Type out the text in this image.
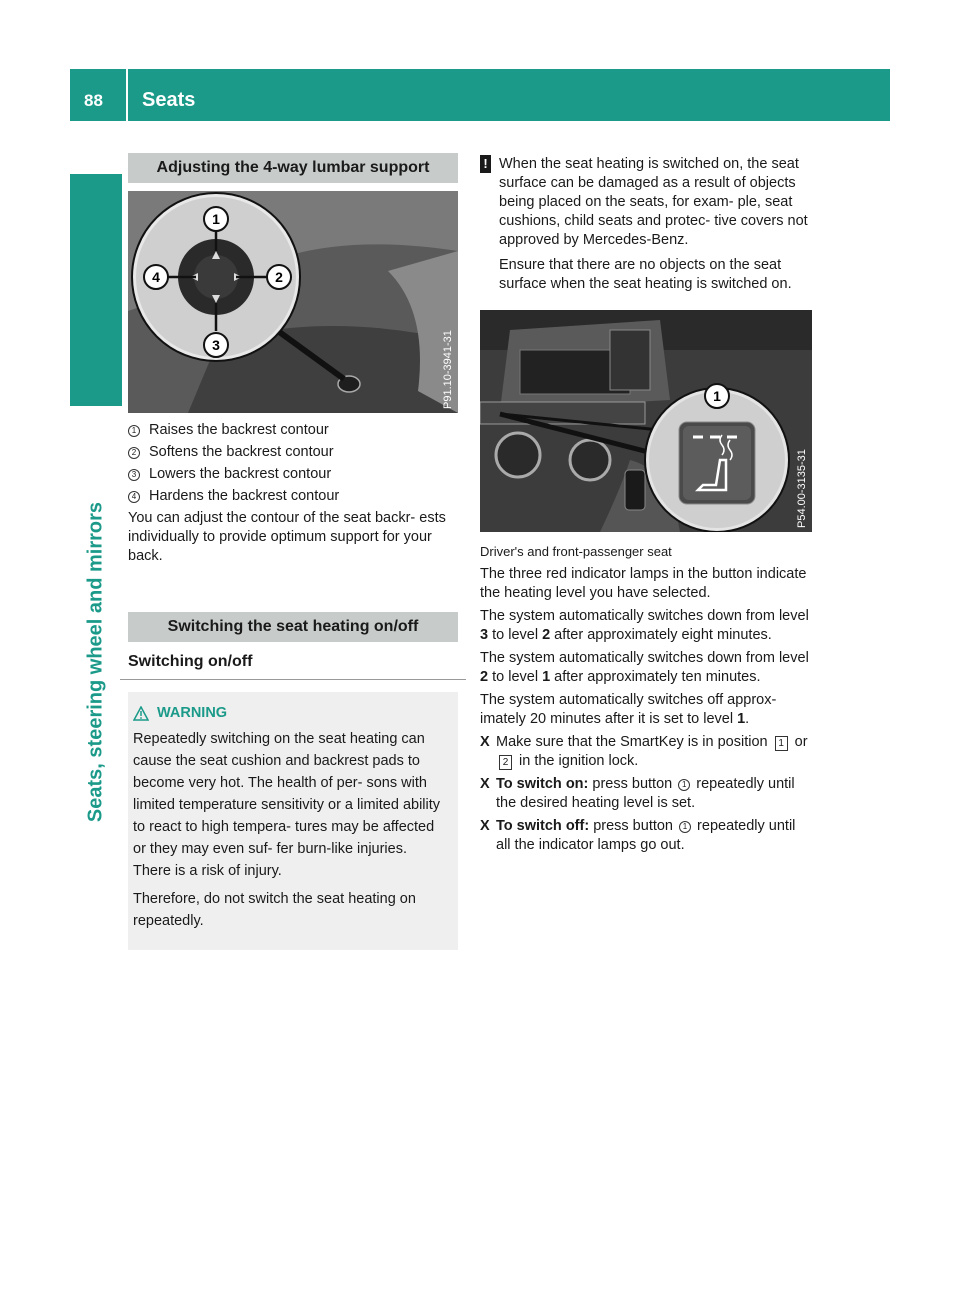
88 Seats
Seats, steering wheel and mirrors
Adjusting the 4-way lumbar support
1
2
3
4
P91.10-3941-31
1 Raises the backrest contour
2 Softens the backrest contour
3 Lowers the backrest contour
4 Hardens the backrest contour

You can adjust the contour of the seat backr- ests individually to provide optimum support for your back.

Switching the seat heating on/off
Switching on/off
WARNING

Repeatedly switching on the seat heating can cause the seat cushion and backrest pads to become very hot. The health of per- sons with limited temperature sensitivity or a limited ability to react to high tempera- tures may be affected or they may even suf- fer burn-like injuries. There is a risk of injury.

Therefore, do not switch the seat heating on repeatedly.

! When the seat heating is switched on, the seat surface can be damaged as a result of objects being placed on the seats, for exam- ple, seat cushions, child seats and protec- tive covers not approved by Mercedes-Benz.

Ensure that there are no objects on the seat surface when the seat heating is switched on.

1
P54.00-3135-31

Driver's and front-passenger seat

The three red indicator lamps in the button indicate the heating level you have selected.

The system automatically switches down from level 3 to level 2 after approximately eight minutes.

The system automatically switches down from level 2 to level 1 after approximately ten minutes.

The system automatically switches off approx- imately 20 minutes after it is set to level 1.

X Make sure that the SmartKey is in position 1 or 2 in the ignition lock.
X To switch on: press button 1 repeatedly until the desired heating level is set.
X To switch off: press button 1 repeatedly until all the indicator lamps go out.
